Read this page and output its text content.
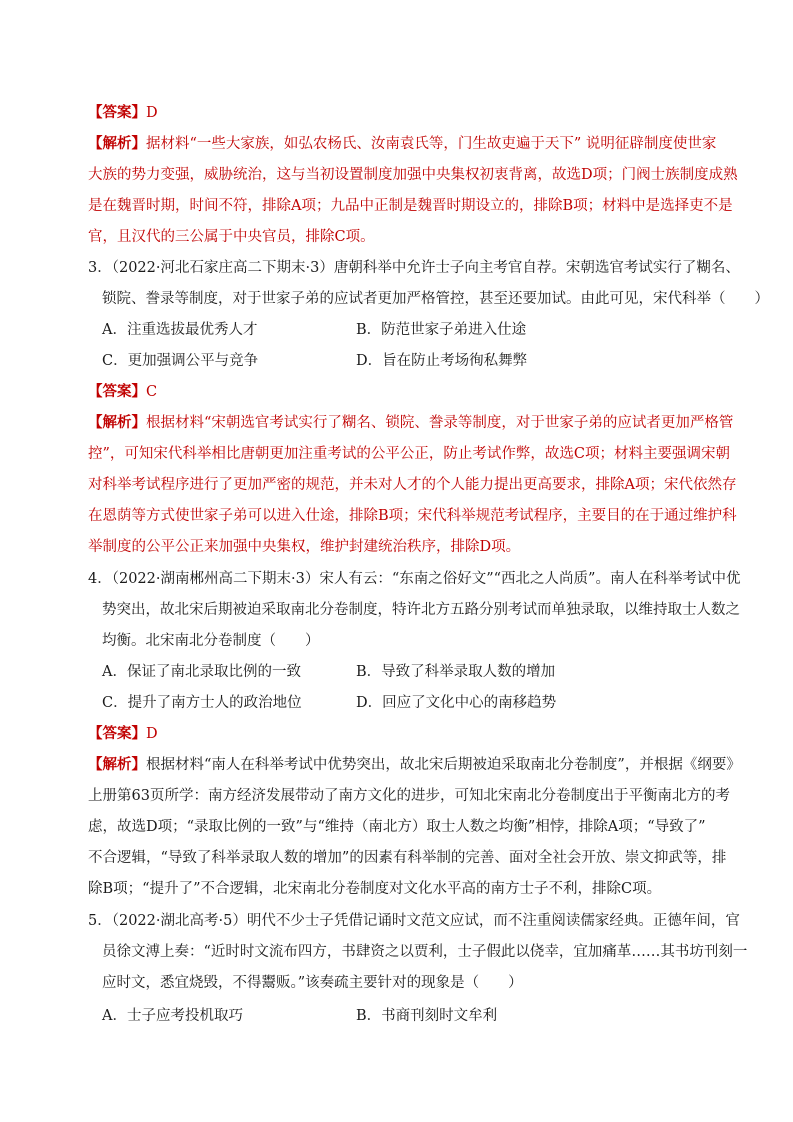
【答案】D
【解析】据材料“一些大家族，如弘农杨氏、汝南袁氏等，门生故吏遍于天下” 说明征辟制度使世家
大族的势力变强，威胁统治，这与当初设置制度加强中央集权初衷背离，故选D项；门阀士族制度成熟
是在魏晋时期，时间不符，排除A项；九品中正制是魏晋时期设立的，排除B项；材料中是选择吏不是
官，且汉代的三公属于中央官员，排除C项。
3．（2022·河北石家庄高二下期末·3）唐朝科举中允许士子向主考官自荐。宋朝选官考试实行了糊名、
锁院、誊录等制度，对于世家子弟的应试者更加严格管控，甚至还要加试。由此可见，宋代科举（　　）
A．注重选拔最优秀人才	B．防范世家子弟进入仕途
C．更加强调公平与竞争	D．旨在防止考场徇私舞弊
【答案】C
【解析】根据材料“宋朝选官考试实行了糊名、锁院、誊录等制度，对于世家子弟的应试者更加严格管
控”，可知宋代科举相比唐朝更加注重考试的公平公正，防止考试作弊，故选C项；材料主要强调宋朝
对科举考试程序进行了更加严密的规范，并未对人才的个人能力提出更高要求，排除A项；宋代依然存
在恩荫等方式使世家子弟可以进入仕途，排除B项；宋代科举规范考试程序，主要目的在于通过维护科
举制度的公平公正来加强中央集权，维护封建统治秩序，排除D项。
4．（2022·湖南郴州高二下期末·3）宋人有云：“东南之俗好文”“西北之人尚质”。南人在科举考试中优
势突出，故北宋后期被迫采取南北分卷制度，特许北方五路分别考试而单独录取，以维持取士人数之
均衡。北宋南北分卷制度（　　）
A．保证了南北录取比例的一致	B．导致了科举录取人数的增加
C．提升了南方士人的政治地位	D．回应了文化中心的南移趋势
【答案】D
【解析】根据材料“南人在科举考试中优势突出，故北宋后期被迫采取南北分卷制度”，并根据《纲要》
上册第63页所学：南方经济发展带动了南方文化的进步，可知北宋南北分卷制度出于平衡南北方的考
虑，故选D项；“录取比例的一致”与“维持（南北方）取士人数之均衡”相悖，排除A项；“导致了”
不合逻辑，“导致了科举录取人数的增加”的因素有科举制的完善、面对全社会开放、崇文抑武等，排
除B项；“提升了”不合逻辑，北宋南北分卷制度对文化水平高的南方士子不利，排除C项。
5．（2022·湖北高考·5）明代不少士子凭借记诵时文范文应试，而不注重阅读儒家经典。正德年间，官
员徐文溥上奏：“近时时文流布四方，书肆资之以贾利，士子假此以侥幸，宜加痛革……其书坊刊刻一
应时文，悉宜烧毁，不得鬻贩。”该奏疏主要针对的现象是（　　）
A．士子应考投机取巧	B．书商刊刻时文牟利
